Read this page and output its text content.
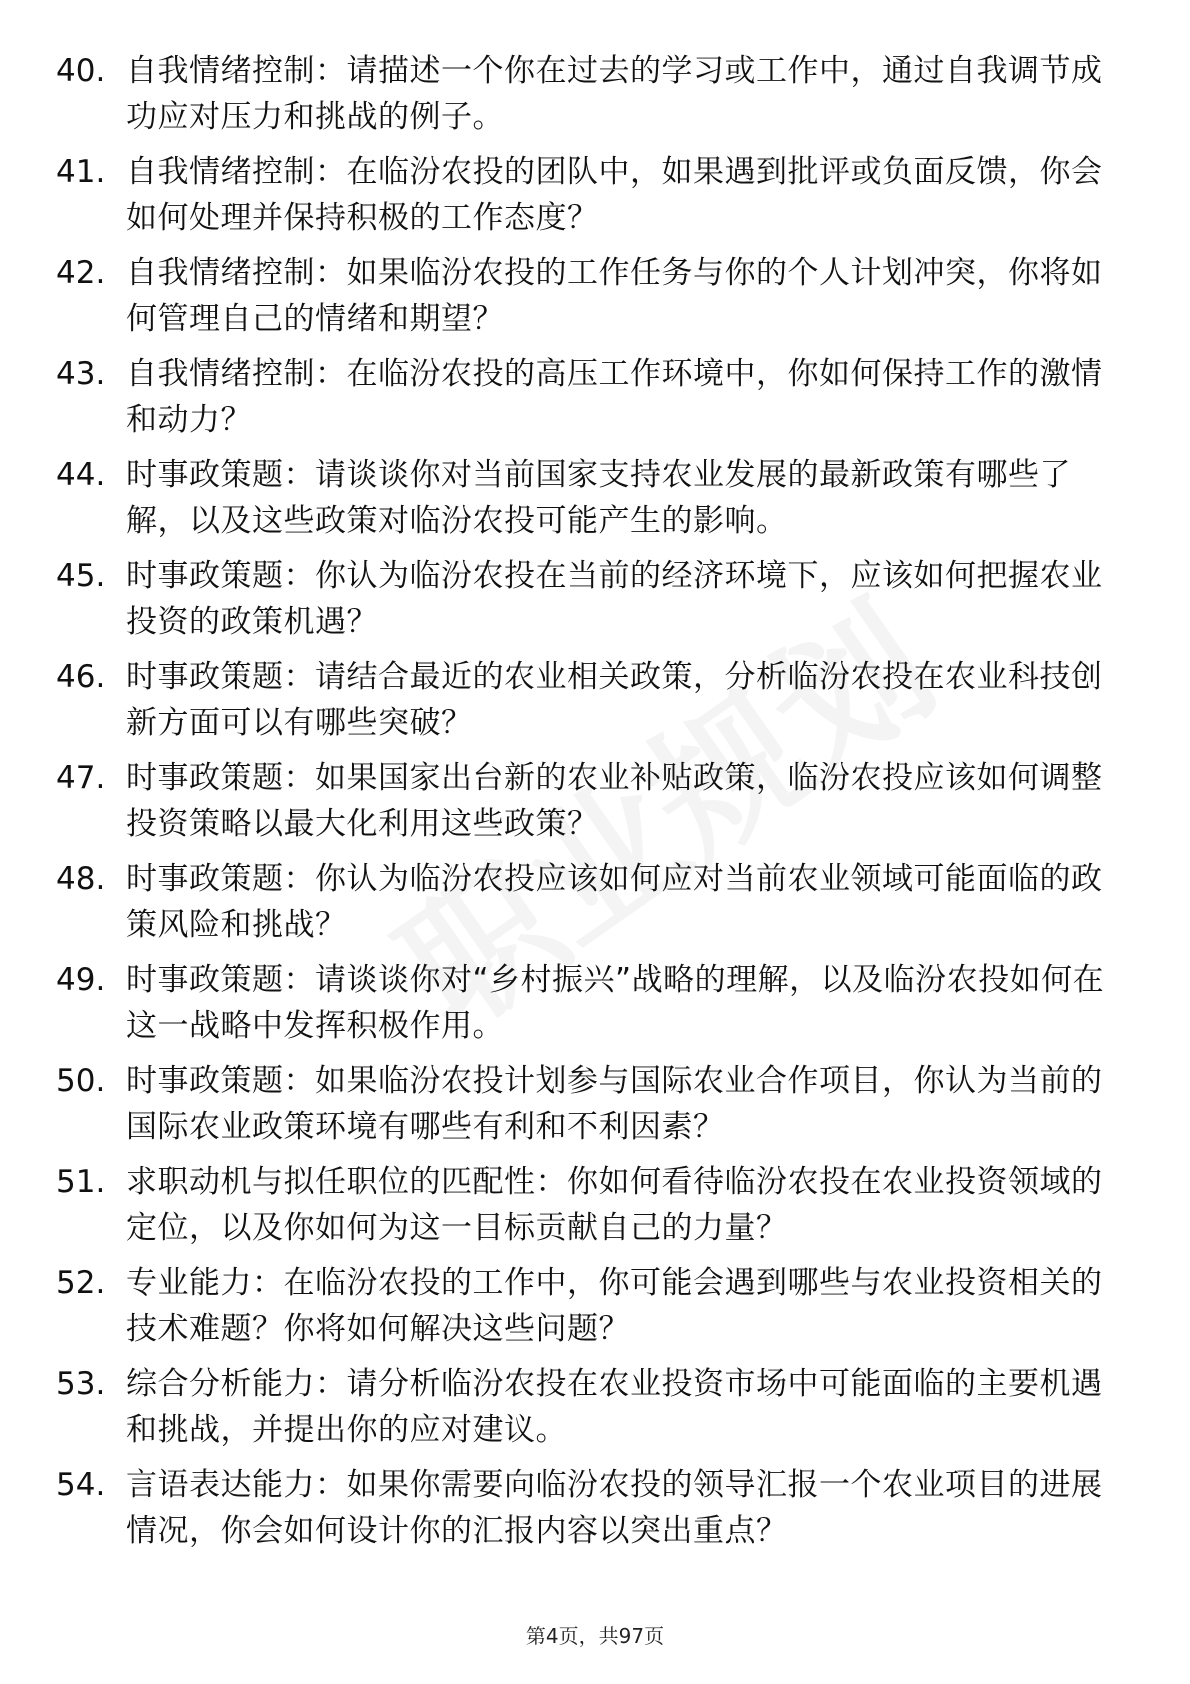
40. 自我情绪控制：请描述一个你在过去的学习或工作中，通过自我调节成功应对压力和挑战的例子。
41. 自我情绪控制：在临汾农投的团队中，如果遇到批评或负面反馈，你会如何处理并保持积极的工作态度？
42. 自我情绪控制：如果临汾农投的工作任务与你的个人计划冲突，你将如何管理自己的情绪和期望？
43. 自我情绪控制：在临汾农投的高压工作环境中，你如何保持工作的激情和动力？
44. 时事政策题：请谈谈你对当前国家支持农业发展的最新政策有哪些了解，以及这些政策对临汾农投可能产生的影响。
45. 时事政策题：你认为临汾农投在当前的经济环境下，应该如何把握农业投资的政策机遇？
46. 时事政策题：请结合最近的农业相关政策，分析临汾农投在农业科技创新方面可以有哪些突破？
47. 时事政策题：如果国家出台新的农业补贴政策，临汾农投应该如何调整投资策略以最大化利用这些政策？
48. 时事政策题：你认为临汾农投应该如何应对当前农业领域可能面临的政策风险和挑战？
49. 时事政策题：请谈谈你对“乡村振兴”战略的理解，以及临汾农投如何在这一战略中发挥积极作用。
50. 时事政策题：如果临汾农投计划参与国际农业合作项目，你认为当前的国际农业政策环境有哪些有利和不利因素？
51. 求职动机与拟任职位的匹配性：你如何看待临汾农投在农业投资领域的定位，以及你如何为这一目标贡献自己的力量？
52. 专业能力：在临汾农投的工作中，你可能会遇到哪些与农业投资相关的技术难题？你将如何解决这些问题？
53. 综合分析能力：请分析临汾农投在农业投资市场中可能面临的主要机遇和挑战，并提出你的应对建议。
54. 言语表达能力：如果你需要向临汾农投的领导汇报一个农业项目的进展情况，你会如何设计你的汇报内容以突出重点？
第4页，共97页
